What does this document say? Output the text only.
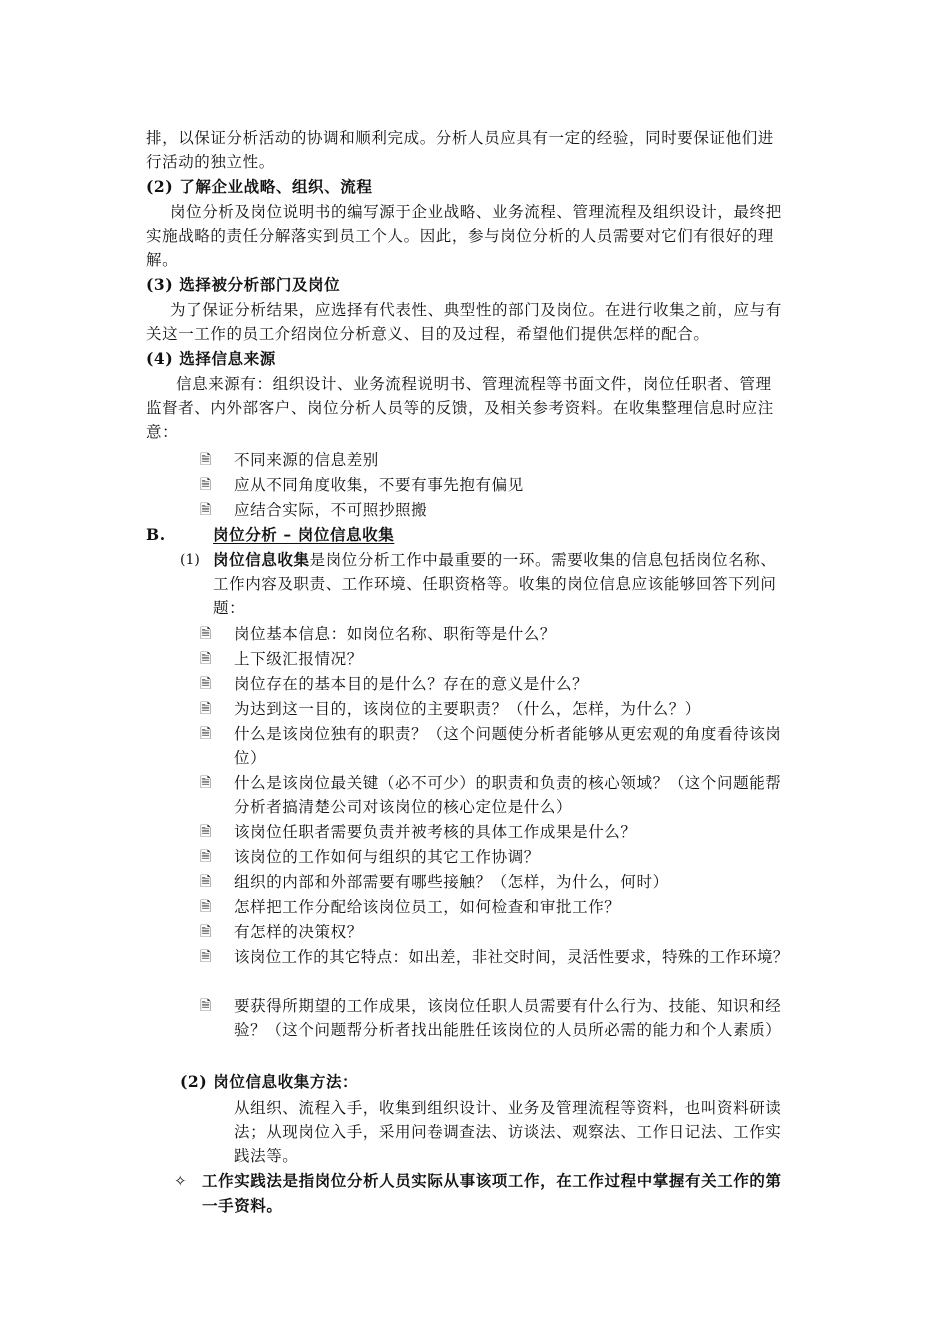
排，以保证分析活动的协调和顺利完成。分析人员应具有一定的经验，同时要保证他们进
行活动的独立性。
(2) 了解企业战略、组织、流程
岗位分析及岗位说明书的编写源于企业战略、业务流程、管理流程及组织设计，最终把
实施战略的责任分解落实到员工个人。因此，参与岗位分析的人员需要对它们有很好的理
解。
(3) 选择被分析部门及岗位
为了保证分析结果，应选择有代表性、典型性的部门及岗位。在进行收集之前，应与有
关这一工作的员工介绍岗位分析意义、目的及过程，希望他们提供怎样的配合。
(4) 选择信息来源
信息来源有：组织设计、业务流程说明书、管理流程等书面文件，岗位任职者、管理
监督者、内外部客户、岗位分析人员等的反馈，及相关参考资料。在收集整理信息时应注
意：
🗎 不同来源的信息差别
🗎 应从不同角度收集，不要有事先抱有偏见
🗎 应结合实际，不可照抄照搬
B.	岗位分析 – 岗位信息收集
(1) 岗位信息收集是岗位分析工作中最重要的一环。需要收集的信息包括岗位名称、
工作内容及职责、工作环境、任职资格等。收集的岗位信息应该能够回答下列问
题：
🗎 岗位基本信息：如岗位名称、职衔等是什么？
🗎 上下级汇报情况？
🗎 岗位存在的基本目的是什么？存在的意义是什么？
🗎 为达到这一目的，该岗位的主要职责？（什么，怎样，为什么？）
🗎 什么是该岗位独有的职责？（这个问题使分析者能够从更宏观的角度看待该岗
位）
🗎 什么是该岗位最关键（必不可少）的职责和负责的核心领域？（这个问题能帮
分析者搞清楚公司对该岗位的核心定位是什么）
🗎 该岗位任职者需要负责并被考核的具体工作成果是什么？
🗎 该岗位的工作如何与组织的其它工作协调？
🗎 组织的内部和外部需要有哪些接触？（怎样，为什么，何时）
🗎 怎样把工作分配给该岗位员工，如何检查和审批工作？
🗎 有怎样的决策权？
🗎 该岗位工作的其它特点：如出差，非社交时间，灵活性要求，特殊的工作环境？
🗎 要获得所期望的工作成果，该岗位任职人员需要有什么行为、技能、知识和经
验？（这个问题帮分析者找出能胜任该岗位的人员所必需的能力和个人素质）
(2) 岗位信息收集方法：
从组织、流程入手，收集到组织设计、业务及管理流程等资料，也叫资料研读
法；从现岗位入手，采用问卷调查法、访谈法、观察法、工作日记法、工作实
践法等。
✧ 工作实践法是指岗位分析人员实际从事该项工作，在工作过程中掌握有关工作的第
一手资料。
